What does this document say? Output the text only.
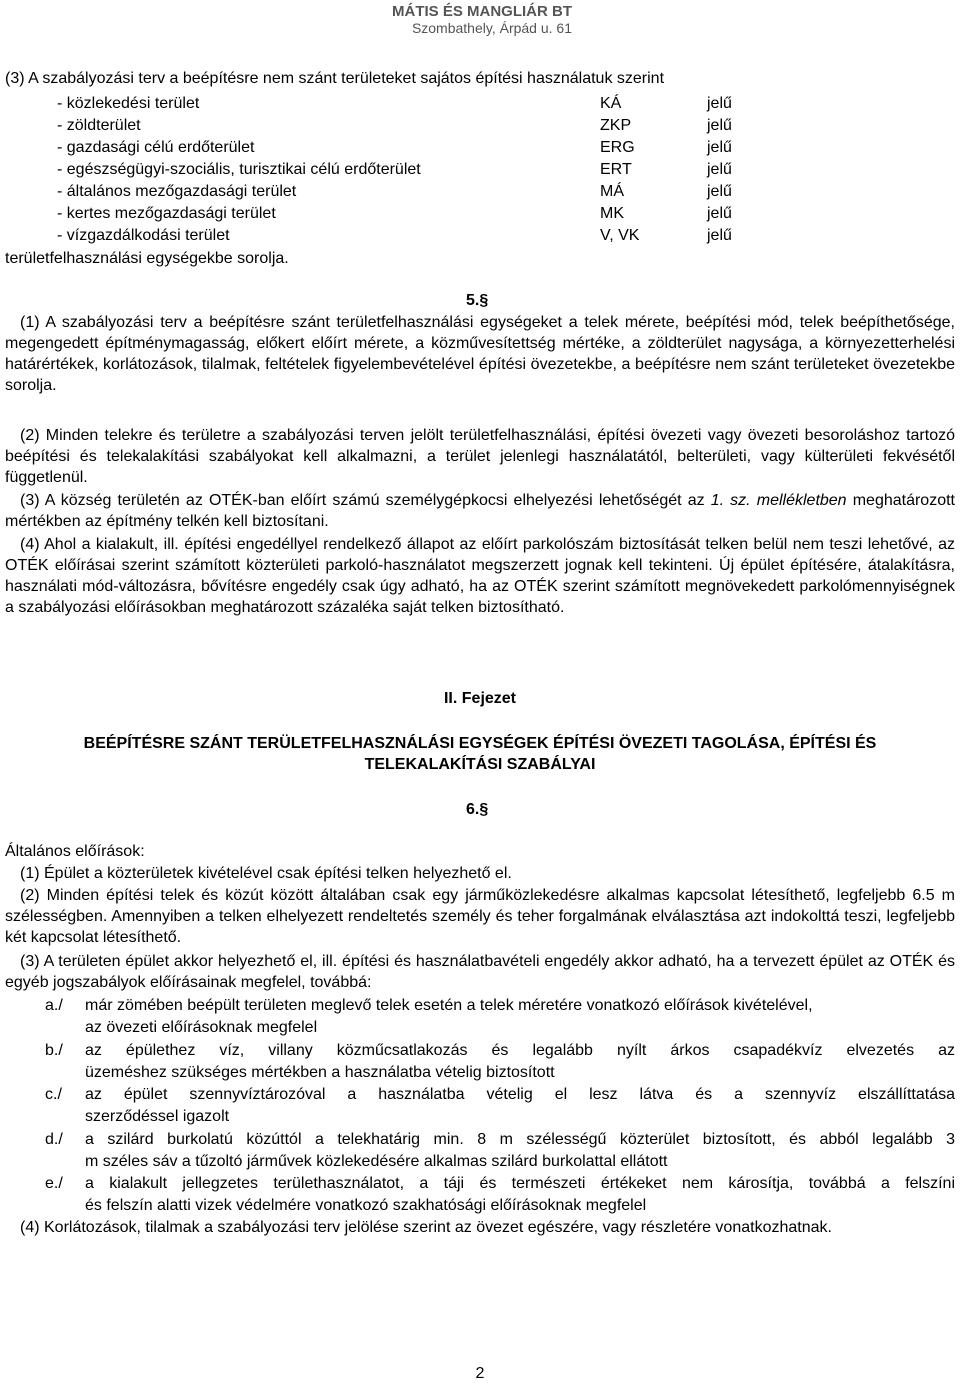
MÁTIS ÉS MANGLIÁR BT
Szombathely, Árpád u. 61
(3) A szabályozási terv a beépítésre nem szánt területeket sajátos építési használatuk szerint
- közlekedési terület	KÁ	jelű
- zöldterület	ZKP	jelű
- gazdasági célú erdőterület	ERG	jelű
- egészségügyi-szociális, turisztikai célú erdőterület	ERT	jelű
- általános mezőgazdasági terület	MÁ	jelű
- kertes mezőgazdasági terület	MK	jelű
- vízgazdálkodási terület	V, VK	jelű
területfelhasználási egységekbe sorolja.
5.§
(1) A szabályozási terv a beépítésre szánt területfelhasználási egységeket a telek mérete, beépítési mód, telek beépíthetősége, megengedett építménymagasság, előkert előírt mérete, a közművesítettség mértéke, a zöldterület nagysága, a környezetterhelési határértékek, korlátozások, tilalmak, feltételek figyelembevételével építési övezetekbe, a beépítésre nem szánt területeket övezetekbe sorolja.
(2) Minden telekre és területre a szabályozási terven jelölt területfelhasználási, építési övezeti vagy övezeti besoroláshoz tartozó beépítési és telekalakítási szabályokat kell alkalmazni, a terület jelenlegi használatától, belterületi, vagy külterületi fekvésétől függetlenül.
(3) A község területén az OTÉK-ban előírt számú személygépkocsi elhelyezési lehetőségét az 1. sz. mellékletben meghatározott mértékben az építmény telkén kell biztosítani.
(4) Ahol a kialakult, ill. építési engedéllyel rendelkező állapot az előírt parkolószám biztosítását telken belül nem teszi lehetővé, az OTÉK előírásai szerint számított közterületi parkoló-használatot megszerzett jognak kell tekinteni. Új épület építésére, átalakításra, használati mód-változásra, bővítésre engedély csak úgy adható, ha az OTÉK szerint számított megnövekedett parkolómennyiségnek a szabályozási előírásokban meghatározott százaléka saját telken biztosítható.
II. Fejezet
BEÉPÍTÉSRE SZÁNT TERÜLETFELHASZNÁLÁSI EGYSÉGEK ÉPÍTÉSI ÖVEZETI TAGOLÁSA, ÉPÍTÉSI ÉS
TELEKALAKÍTÁSI SZABÁLYAI
6.§
Általános előírások:
(1) Épület a közterületek kivételével csak építési telken helyezhető el.
(2) Minden építési telek és közút között általában csak egy járműközlekedésre alkalmas kapcsolat létesíthető, legfeljebb 6.5 m szélességben. Amennyiben a telken elhelyezett rendeltetés személy és teher forgalmának elválasztása azt indokolttá teszi, legfeljebb két kapcsolat létesíthető.
(3) A területen épület akkor helyezhető el, ill. építési és használatbavételi engedély akkor adható, ha a tervezett épület az OTÉK és egyéb jogszabályok előírásainak megfelel, továbbá:
a./ már zömében beépült területen meglevő telek esetén a telek méretére vonatkozó előírások kivételével,
az övezeti előírásoknak megfelel
b./ az épülethez víz, villany közműcsatlakozás és legalább nyílt árkos csapadékvíz elvezetés az
üzeméshez szükséges mértékben a használatba vételig biztosított
c./ az épület szennyvíztározóval a használatba vételig el lesz látva és a szennyvíz elszállíttatása
szerződéssel igazolt
d./ a szilárd burkolatú közúttól a telekhatárig min. 8 m szélességű közterület biztosított, és abból legalább 3
m széles sáv a tűzoltó járművek közlekedésére alkalmas szilárd burkolattal ellátott
e./ a kialakult jellegzetes területhasználatot, a táji és természeti értékeket nem károsítja, továbbá a felszíni
és felszín alatti vizek védelmére vonatkozó szakhatósági előírásoknak megfelel
(4) Korlátozások, tilalmak a szabályozási terv jelölése szerint az övezet egészére, vagy részletére vonatkozhatnak.
2
